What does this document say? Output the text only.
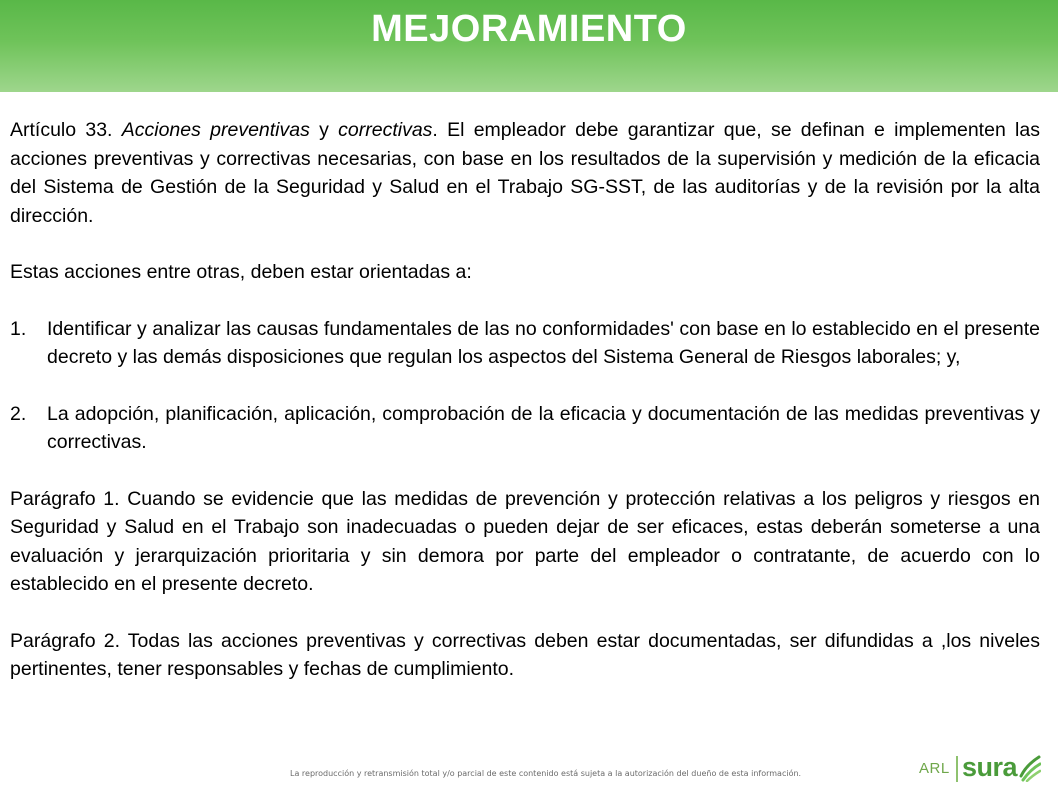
MEJORAMIENTO

Artículo 33. Acciones preventivas y correctivas. El empleador debe garantizar que, se definan e implementen las acciones preventivas y correctivas necesarias, con base en los resultados de la supervisión y medición de la eficacia del Sistema de Gestión de la Seguridad y Salud en el Trabajo SG-SST, de las auditorías y de la revisión por la alta dirección.

Estas acciones entre otras, deben estar orientadas a:

1. Identificar y analizar las causas fundamentales de las no conformidades' con base en lo establecido en el presente decreto y las demás disposiciones que regulan los aspectos del Sistema General de Riesgos laborales; y,

2. La adopción, planificación, aplicación, comprobación de la eficacia y documentación de las medidas preventivas y correctivas.

Parágrafo 1. Cuando se evidencie que las medidas de prevención y protección relativas a los peligros y riesgos en Seguridad y Salud en el Trabajo son inadecuadas o pueden dejar de ser eficaces, estas deberán someterse a una evaluación y jerarquización prioritaria y sin demora por parte del empleador o contratante, de acuerdo con lo establecido en el presente decreto.

Parágrafo 2. Todas las acciones preventivas y correctivas deben estar documentadas, ser difundidas a ,los niveles pertinentes, tener responsables y fechas de cumplimiento.

La reproducción y retransmisión total y/o parcial de este contenido está sujeta a la autorización del dueño de esta información.	ARL sura
